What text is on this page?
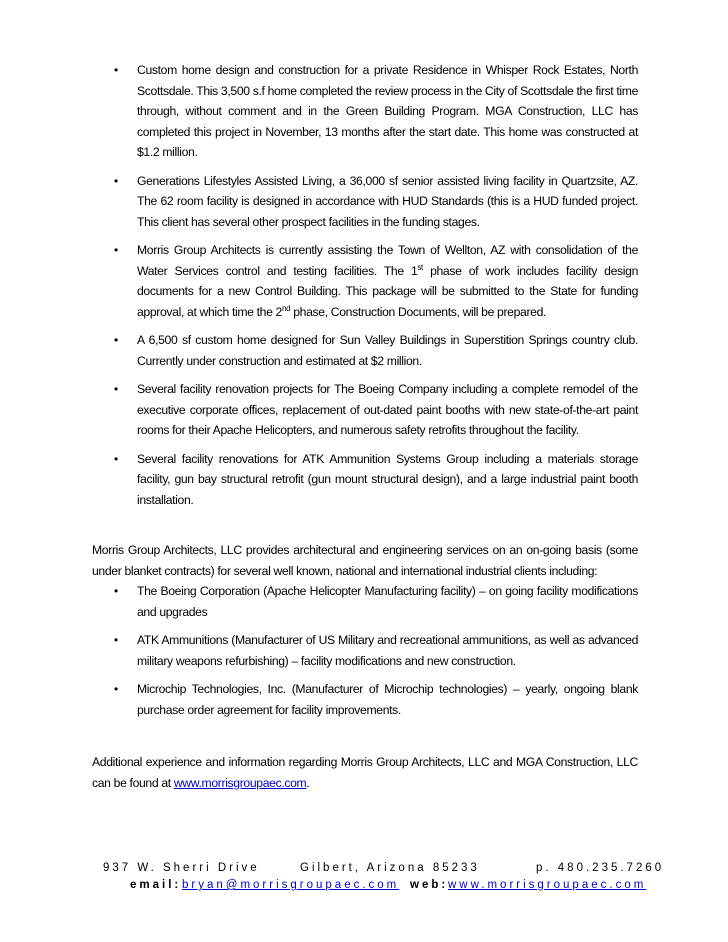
• Custom home design and construction for a private Residence in Whisper Rock Estates, North Scottsdale. This 3,500 s.f home completed the review process in the City of Scottsdale the first time through, without comment and in the Green Building Program. MGA Construction, LLC has completed this project in November, 13 months after the start date. This home was constructed at $1.2 million.
• Generations Lifestyles Assisted Living, a 36,000 sf senior assisted living facility in Quartzsite, AZ. The 62 room facility is designed in accordance with HUD Standards (this is a HUD funded project. This client has several other prospect facilities in the funding stages.
• Morris Group Architects is currently assisting the Town of Wellton, AZ with consolidation of the Water Services control and testing facilities. The 1st phase of work includes facility design documents for a new Control Building. This package will be submitted to the State for funding approval, at which time the 2nd phase, Construction Documents, will be prepared.
• A 6,500 sf custom home designed for Sun Valley Buildings in Superstition Springs country club. Currently under construction and estimated at $2 million.
• Several facility renovation projects for The Boeing Company including a complete remodel of the executive corporate offices, replacement of out-dated paint booths with new state-of-the-art paint rooms for their Apache Helicopters, and numerous safety retrofits throughout the facility.
• Several facility renovations for ATK Ammunition Systems Group including a materials storage facility, gun bay structural retrofit (gun mount structural design), and a large industrial paint booth installation.

Morris Group Architects, LLC provides architectural and engineering services on an on-going basis (some under blanket contracts) for several well known, national and international industrial clients including:

• The Boeing Corporation (Apache Helicopter Manufacturing facility) – on going facility modifications and upgrades
• ATK Ammunitions (Manufacturer of US Military and recreational ammunitions, as well as advanced military weapons refurbishing) – facility modifications and new construction.
• Microchip Technologies, Inc. (Manufacturer of Microchip technologies) – yearly, ongoing blank purchase order agreement for facility improvements.

Additional experience and information regarding Morris Group Architects, LLC and MGA Construction, LLC can be found at www.morrisgroupaec.com.

937 W. Sherri Drive	Gilbert, Arizona 85233	p. 480.235.7260
email: bryan@morrisgroupaec.com web: www.morrisgroupaec.com
